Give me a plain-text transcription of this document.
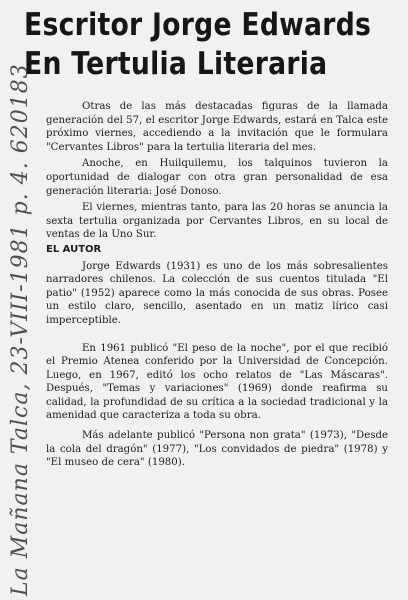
Escritor Jorge Edwards
En Tertulia Literaria

Otras de las más destacadas figuras de la llamada generación del 57, el escritor Jorge Edwards, estará en Talca este próximo viernes, accediendo a la invitación que le formulara "Cervantes Libros" para la tertulia literaria del mes.

Anoche, en Huilquilemu, los talquinos tuvieron la oportunidad de dialogar con otra gran personalidad de esa generación literaria: José Donoso.

El viernes, mientras tanto, para las 20 horas se anuncia la sexta tertulia organizada por Cervantes Libros, en su local de ventas de la Uno Sur.

EL AUTOR

Jorge Edwards (1931) es uno de los más sobresalientes narradores chilenos. La colección de sus cuentos titulada "El patio" (1952) aparece como la más conocida de sus obras. Posee un estilo claro, sencillo, asentado en un matiz lírico casi imperceptible.

En 1961 publicó "El peso de la noche", por el que recibió el Premio Atenea conferido por la Universidad de Concepción. Luego, en 1967, editó los ocho relatos de "Las Máscaras". Después, "Temas y variaciones" (1969) donde reafirma su calidad, la profundidad de su crítica a la sociedad tradicional y la amenidad que caracteriza a toda su obra.

Más adelante publicó "Persona non grata" (1973), "Desde la cola del dragón" (1977), "Los convidados de piedra" (1978) y "El museo de cera" (1980).

La Mañana Talca, 23-VIII-1981 p. 4. 620183
